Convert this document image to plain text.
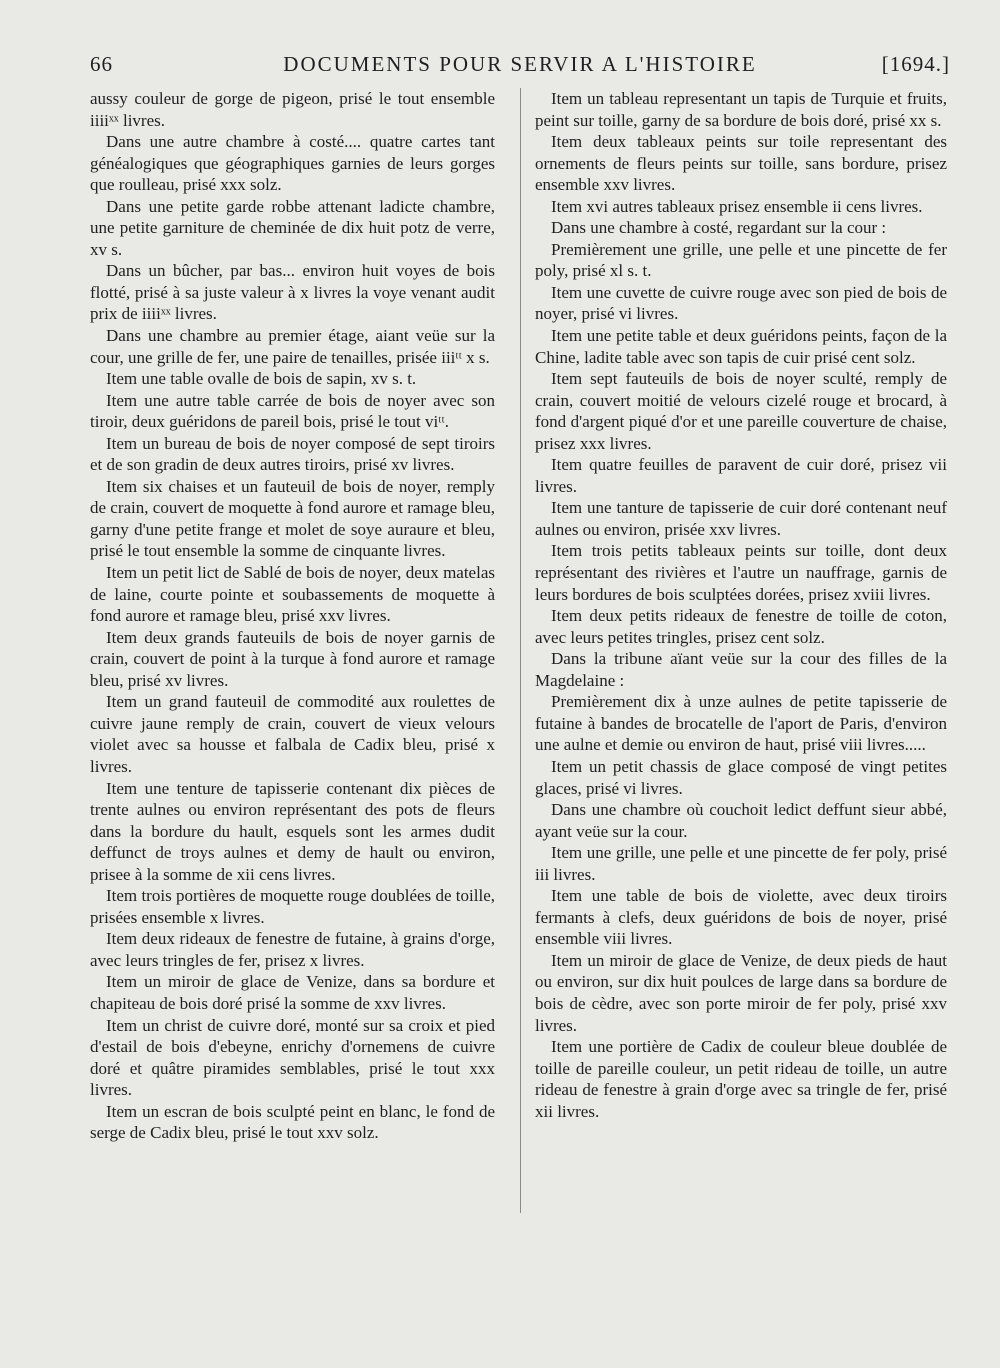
66	DOCUMENTS POUR SERVIR A L'HISTOIRE	[1694.]

aussy couleur de gorge de pigeon, prisé le tout ensemble iiiiˣˣ livres.

Dans une autre chambre à costé.... quatre cartes tant généalogiques que géographiques garnies de leurs gorges que roulleau, prisé xxx solz.

Dans une petite garde robbe attenant ladicte chambre, une petite garniture de cheminée de dix huit potz de verre, xv s.

Dans un bûcher, par bas... environ huit voyes de bois flotté, prisé à sa juste valeur à x livres la voye venant audit prix de iiiiˣˣ livres.

Dans une chambre au premier étage, aiant veüe sur la cour, une grille de fer, une paire de tenailles, prisée iiiᵗᵗ x s.

Item une table ovalle de bois de sapin, xv s. t.

Item une autre table carrée de bois de noyer avec son tiroir, deux guéridons de pareil bois, prisé le tout viᵗᵗ.

Item un bureau de bois de noyer composé de sept tiroirs et de son gradin de deux autres tiroirs, prisé xv livres.

Item six chaises et un fauteuil de bois de noyer, remply de crain, couvert de moquette à fond aurore et ramage bleu, garny d'une petite frange et molet de soye auraure et bleu, prisé le tout ensemble la somme de cinquante livres.

Item un petit lict de Sablé de bois de noyer, deux matelas de laine, courte pointe et soubassements de moquette à fond aurore et ramage bleu, prisé xxv livres.

Item deux grands fauteuils de bois de noyer garnis de crain, couvert de point à la turque à fond aurore et ramage bleu, prisé xv livres.

Item un grand fauteuil de commodité aux roulettes de cuivre jaune remply de crain, couvert de vieux velours violet avec sa housse et falbala de Cadix bleu, prisé x livres.

Item une tenture de tapisserie contenant dix pièces de trente aulnes ou environ représentant des pots de fleurs dans la bordure du hault, esquels sont les armes dudit deffunct de troys aulnes et demy de hault ou environ, prisee à la somme de xii cens livres.

Item trois portières de moquette rouge doublées de toille, prisées ensemble x livres.

Item deux rideaux de fenestre de futaine, à grains d'orge, avec leurs tringles de fer, prisez x livres.

Item un miroir de glace de Venize, dans sa bordure et chapiteau de bois doré prisé la somme de xxv livres.

Item un christ de cuivre doré, monté sur sa croix et pied d'estail de bois d'ebeyne, enrichy d'ornemens de cuivre doré et quâtre piramides semblables, prisé le tout xxx livres.

Item un escran de bois sculpté peint en blanc, le fond de serge de Cadix bleu, prisé le tout xxv solz.

Item un tableau representant un tapis de Turquie et fruits, peint sur toille, garny de sa bordure de bois doré, prisé xx s.

Item deux tableaux peints sur toile representant des ornements de fleurs peints sur toille, sans bordure, prisez ensemble xxv livres.

Item xvi autres tableaux prisez ensemble ii cens livres.

Dans une chambre à costé, regardant sur la cour :

Premièrement une grille, une pelle et une pincette de fer poly, prisé xl s. t.

Item une cuvette de cuivre rouge avec son pied de bois de noyer, prisé vi livres.

Item une petite table et deux guéridons peints, façon de la Chine, ladite table avec son tapis de cuir prisé cent solz.

Item sept fauteuils de bois de noyer sculté, remply de crain, couvert moitié de velours cizelé rouge et brocard, à fond d'argent piqué d'or et une pareille couverture de chaise, prisez xxx livres.

Item quatre feuilles de paravent de cuir doré, prisez vii livres.

Item une tanture de tapisserie de cuir doré contenant neuf aulnes ou environ, prisée xxv livres.

Item trois petits tableaux peints sur toille, dont deux représentant des rivières et l'autre un nauffrage, garnis de leurs bordures de bois sculptées dorées, prisez xviii livres.

Item deux petits rideaux de fenestre de toille de coton, avec leurs petites tringles, prisez cent solz.

Dans la tribune aïant veüe sur la cour des filles de la Magdelaine :

Premièrement dix à unze aulnes de petite tapisserie de futaine à bandes de brocatelle de l'aport de Paris, d'environ une aulne et demie ou environ de haut, prisé viii livres.....

Item un petit chassis de glace composé de vingt petites glaces, prisé vi livres.

Dans une chambre où couchoit ledict deffunt sieur abbé, ayant veüe sur la cour.

Item une grille, une pelle et une pincette de fer poly, prisé iii livres.

Item une table de bois de violette, avec deux tiroirs fermants à clefs, deux guéridons de bois de noyer, prisé ensemble viii livres.

Item un miroir de glace de Venize, de deux pieds de haut ou environ, sur dix huit poulces de large dans sa bordure de bois de cèdre, avec son porte miroir de fer poly, prisé xxv livres.

Item une portière de Cadix de couleur bleue doublée de toille de pareille couleur, un petit rideau de toille, un autre rideau de fenestre à grain d'orge avec sa tringle de fer, prisé xii livres.
